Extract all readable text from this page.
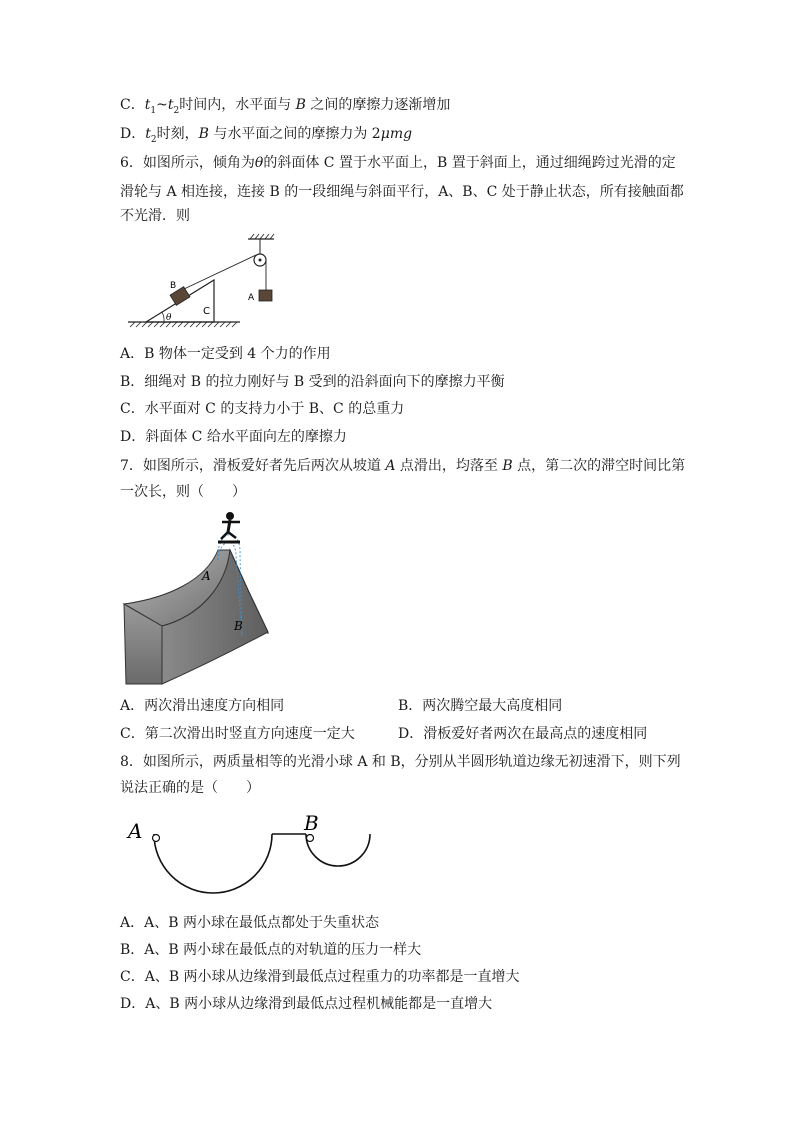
C．$t_1\sim t_2$时间内，水平面与 B 之间的摩擦力逐渐增加
D．$t_2$时刻，B 与水平面之间的摩擦力为 2μmg
6．如图所示，倾角为θ的斜面体 C 置于水平面上，B 置于斜面上，通过细绳跨过光滑的定
滑轮与 A 相连接，连接 B 的一段细绳与斜面平行，A、B、C 处于静止状态，所有接触面都
不光滑．则
θ
C
B
A
A．B 物体一定受到 4 个力的作用
B．细绳对 B 的拉力刚好与 B 受到的沿斜面向下的摩擦力平衡
C．水平面对 C 的支持力小于 B、C 的总重力
D．斜面体 C 给水平面向左的摩擦力
7．如图所示，滑板爱好者先后两次从坡道 A 点滑出，均落至 B 点，第二次的滞空时间比第
一次长，则（　　）
A
B
A．两次滑出速度方向相同	B．两次腾空最大高度相同
C．第二次滑出时竖直方向速度一定大	D．滑板爱好者两次在最高点的速度相同
8．如图所示，两质量相等的光滑小球 A 和 B，分别从半圆形轨道边缘无初速滑下，则下列
说法正确的是（　　）
A	B
A．A、B 两小球在最低点都处于失重状态
B．A、B 两小球在最低点的对轨道的压力一样大
C．A、B 两小球从边缘滑到最低点过程重力的功率都是一直增大
D．A、B 两小球从边缘滑到最低点过程机械能都是一直增大
